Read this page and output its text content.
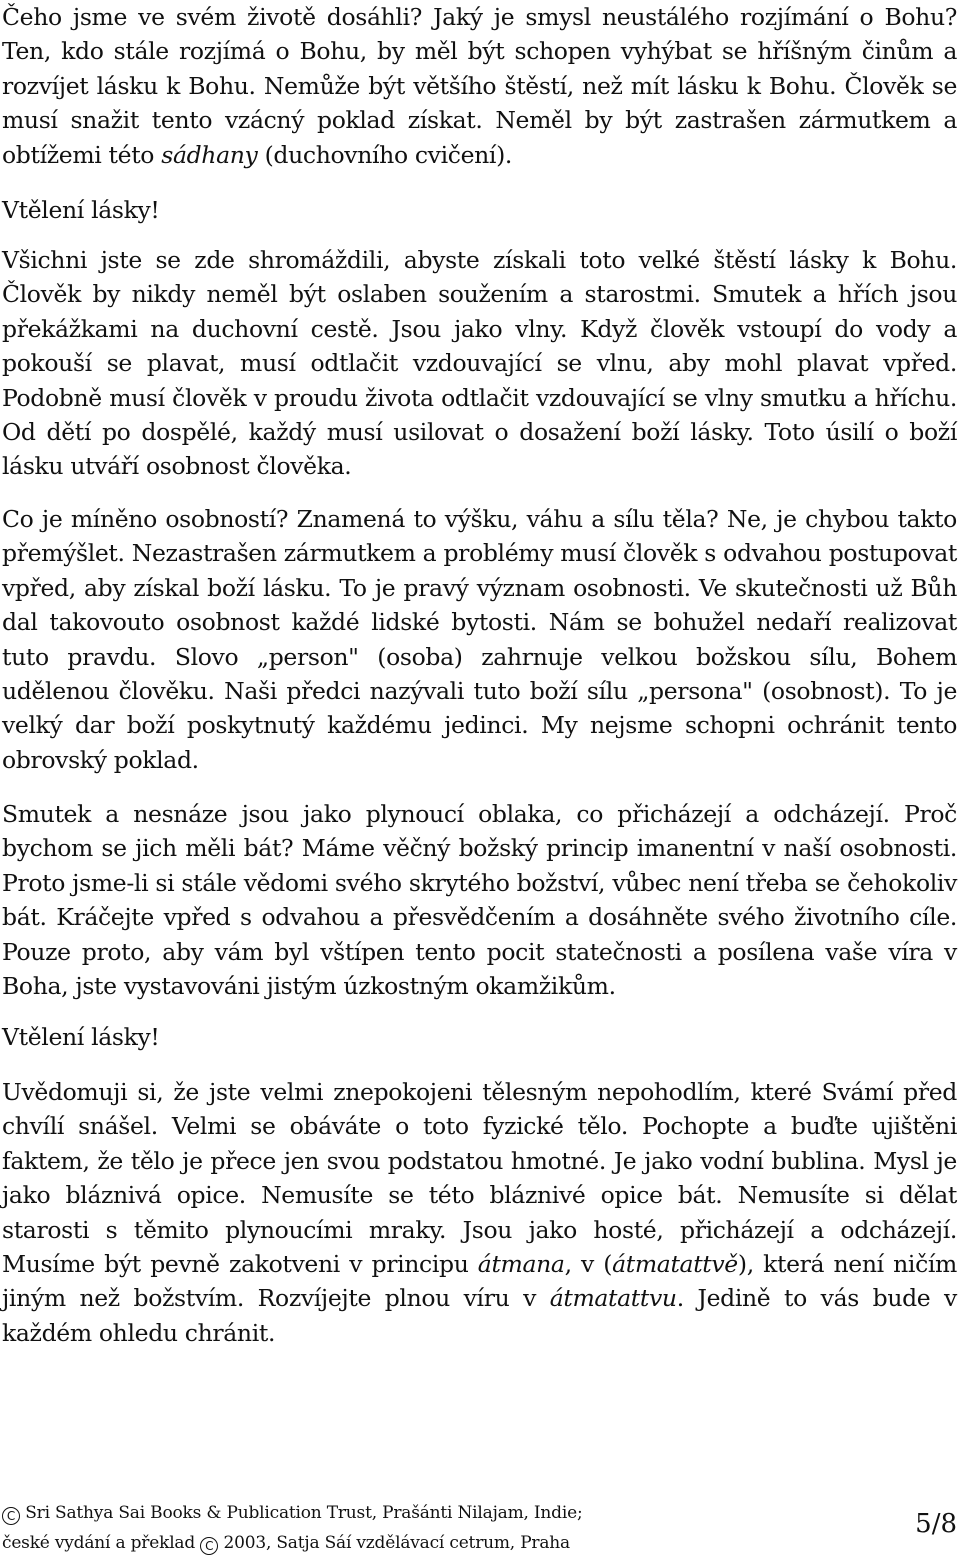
Čeho jsme ve svém životě dosáhli? Jaký je smysl neustálého rozjímání o Bohu? Ten, kdo stále rozjímá o Bohu, by měl být schopen vyhýbat se hříšným činům a rozvíjet lásku k Bohu. Nemůže být většího štěstí, než mít lásku k Bohu. Člověk se musí snažit tento vzácný poklad získat. Neměl by být zastrašen zármutkem a obtížemi této sádhany (duchovního cvičení).

Vtělení lásky!

Všichni jste se zde shromáždili, abyste získali toto velké štěstí lásky k Bohu. Člověk by nikdy neměl být oslaben soužením a starostmi. Smutek a hřích jsou překážkami na duchovní cestě. Jsou jako vlny. Když člověk vstoupí do vody a pokouší se plavat, musí odtlačit vzdouvající se vlnu, aby mohl plavat vpřed. Podobně musí člověk v proudu života odtlačit vzdouvající se vlny smutku a hříchu. Od dětí po dospělé, každý musí usilovat o dosažení boží lásky. Toto úsilí o boží lásku utváří osobnost člověka.

Co je míněno osobností? Znamená to výšku, váhu a sílu těla? Ne, je chybou takto přemýšlet. Nezastrašen zármutkem a problémy musí člověk s odvahou postupovat vpřed, aby získal boží lásku. To je pravý význam osobnosti. Ve skutečnosti už Bůh dal takovouto osobnost každé lidské bytosti. Nám se bohužel nedaří realizovat tuto pravdu. Slovo „person" (osoba) zahrnuje velkou božskou sílu, Bohem udělenou člověku. Naši předci nazývali tuto boží sílu „persona" (osobnost). To je velký dar boží poskytnutý každému jedinci. My nejsme schopni ochránit tento obrovský poklad.

Smutek a nesnáze jsou jako plynoucí oblaka, co přicházejí a odcházejí. Proč bychom se jich měli bát? Máme věčný božský princip imanentní v naší osobnosti. Proto jsme-li si stále vědomi svého skrytého božství, vůbec není třeba se čehokoliv bát. Kráčejte vpřed s odvahou a přesvědčením a dosáhněte svého životního cíle. Pouze proto, aby vám byl vštípen tento pocit statečnosti a posílena vaše víra v Boha, jste vystavováni jistým úzkostným okamžikům.

Vtělení lásky!

Uvědomuji si, že jste velmi znepokojeni tělesným nepohodlím, které Svámí před chvílí snášel. Velmi se obáváte o toto fyzické tělo. Pochopte a buďte ujištěni faktem, že tělo je přece jen svou podstatou hmotné. Je jako vodní bublina. Mysl je jako bláznivá opice. Nemusíte se této bláznivé opice bát. Nemusíte si dělat starosti s těmito plynoucími mraky. Jsou jako hosté, přicházejí a odcházejí. Musíme být pevně zakotveni v principu átmana, v (átmatattvě), která není ničím jiným než božstvím. Rozvíjejte plnou víru v átmatattvu. Jedině to vás bude v každém ohledu chránit.

C Sri Sathya Sai Books & Publication Trust, Prašánti Nilajam, Indie;
české vydání a překlad C 2003, Satja Sáí vzdělávací cetrum, Praha
5/8
